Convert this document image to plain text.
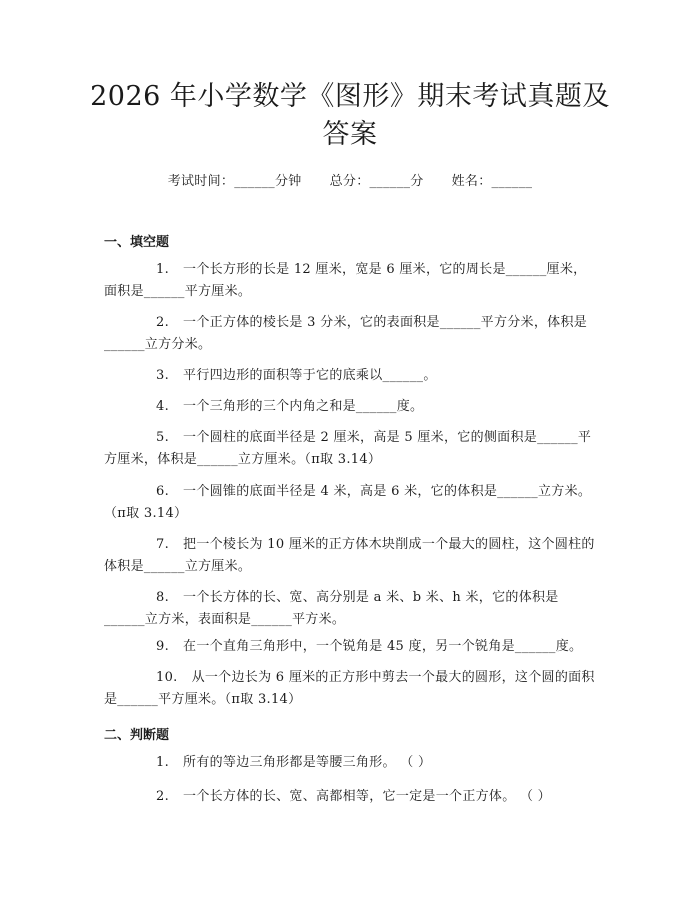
2026 年小学数学《图形》期末考试真题及答案
考试时间：______分钟 总分：______分 姓名：______
一、填空题
1. 一个长方形的长是 12 厘米，宽是 6 厘米，它的周长是______厘米，面积是______平方厘米。
2. 一个正方体的棱长是 3 分米，它的表面积是______平方分米，体积是______立方分米。
3. 平行四边形的面积等于它的底乘以______。
4. 一个三角形的三个内角之和是______度。
5. 一个圆柱的底面半径是 2 厘米，高是 5 厘米，它的侧面积是______平方厘米，体积是______立方厘米。（π取 3.14）
6. 一个圆锥的底面半径是 4 米，高是 6 米，它的体积是______立方米。（π取 3.14）
7. 把一个棱长为 10 厘米的正方体木块削成一个最大的圆柱，这个圆柱的体积是______立方厘米。
8. 一个长方体的长、宽、高分别是 a 米、b 米、h 米，它的体积是______立方米，表面积是______平方米。
9. 在一个直角三角形中，一个锐角是 45 度，另一个锐角是______度。
10. 从一个边长为 6 厘米的正方形中剪去一个最大的圆形，这个圆的面积是______平方厘米。（π取 3.14）
二、判断题
1. 所有的等边三角形都是等腰三角形。 （ ）
2. 一个长方体的长、宽、高都相等，它一定是一个正方体。 （ ）
